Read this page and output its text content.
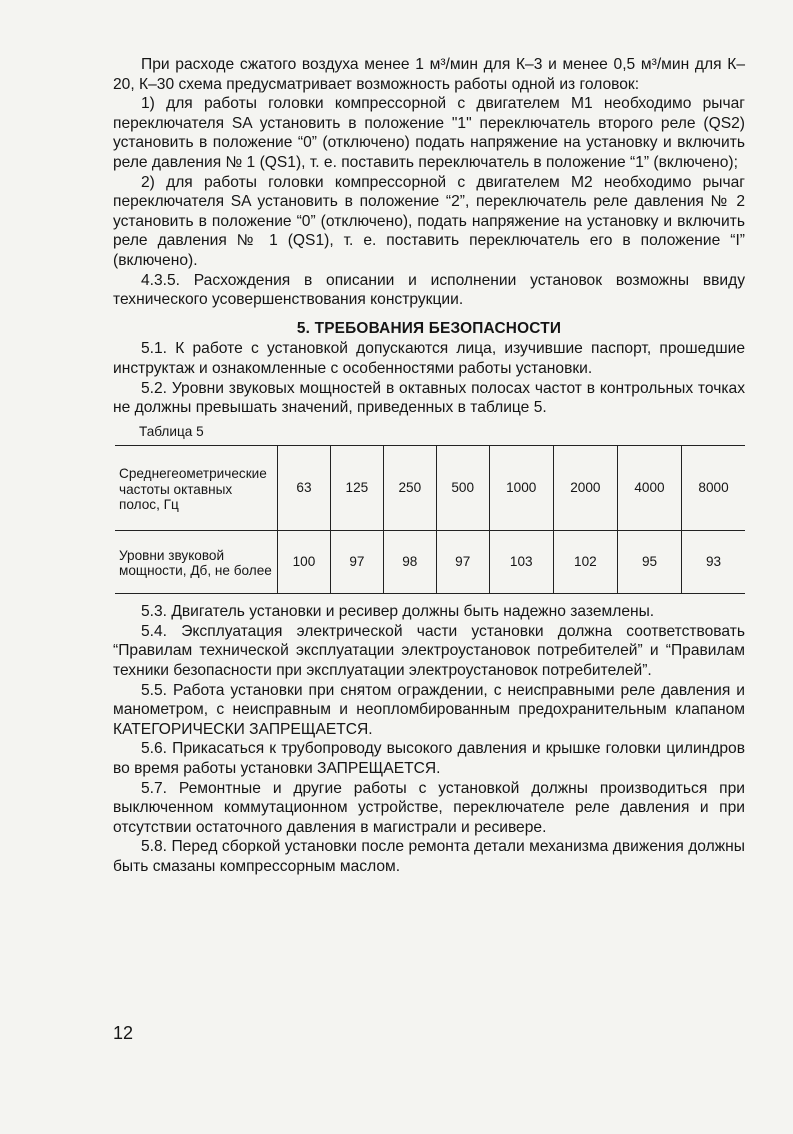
При расходе сжатого воздуха менее 1 м³/мин для К–3 и менее 0,5 м³/мин для К–20, К–30 схема предусматривает возможность работы одной из головок:

1) для работы головки компрессорной с двигателем М1 необходимо рычаг переключателя SA установить в положение "1" переключатель второго реле (QS2) установить в положение “0” (отключено) подать напряжение на установку и включить реле давления № 1 (QS1), т. е. поставить переключатель в положение “1” (включено);

2) для работы головки компрессорной с двигателем М2 необходимо рычаг переключателя SA установить в положение “2”, переключатель реле давления № 2 установить в положение “0” (отключено), подать напряжение на установку и включить реле давления № 1 (QS1), т. е. поставить переключатель его в положение “I” (включено).

4.3.5. Расхождения в описании и исполнении установок возможны ввиду технического усовершенствования конструкции.

5. ТРЕБОВАНИЯ БЕЗОПАСНОСТИ

5.1. К работе с установкой допускаются лица, изучившие паспорт, прошедшие инструктаж и ознакомленные с особенностями работы установки.

5.2. Уровни звуковых мощностей в октавных полосах частот в контрольных точках не должны превышать значений, приведенных в таблице 5.

Таблица 5
Среднегеометрические частоты октавных полос, Гц	63	125	250	500	1000	2000	4000	8000
Уровни звуковой мощности, Дб, не более	100	97	98	97	103	102	95	93

5.3. Двигатель установки и ресивер должны быть надежно заземлены.

5.4. Эксплуатация электрической части установки должна соответствовать “Правилам технической эксплуатации электроустановок потребителей” и “Правилам техники безопасности при эксплуатации электроустановок потребителей”.

5.5. Работа установки при снятом ограждении, с неисправными реле давления и манометром, с неисправным и неопломбированным предохранительным клапаном КАТЕГОРИЧЕСКИ ЗАПРЕЩАЕТСЯ.

5.6. Прикасаться к трубопроводу высокого давления и крышке головки цилиндров во время работы установки ЗАПРЕЩАЕТСЯ.

5.7. Ремонтные и другие работы с установкой должны производиться при выключенном коммутационном устройстве, переключателе реле давления и при отсутствии остаточного давления в магистрали и ресивере.

5.8. Перед сборкой установки после ремонта детали механизма движения должны быть смазаны компрессорным маслом.

12
